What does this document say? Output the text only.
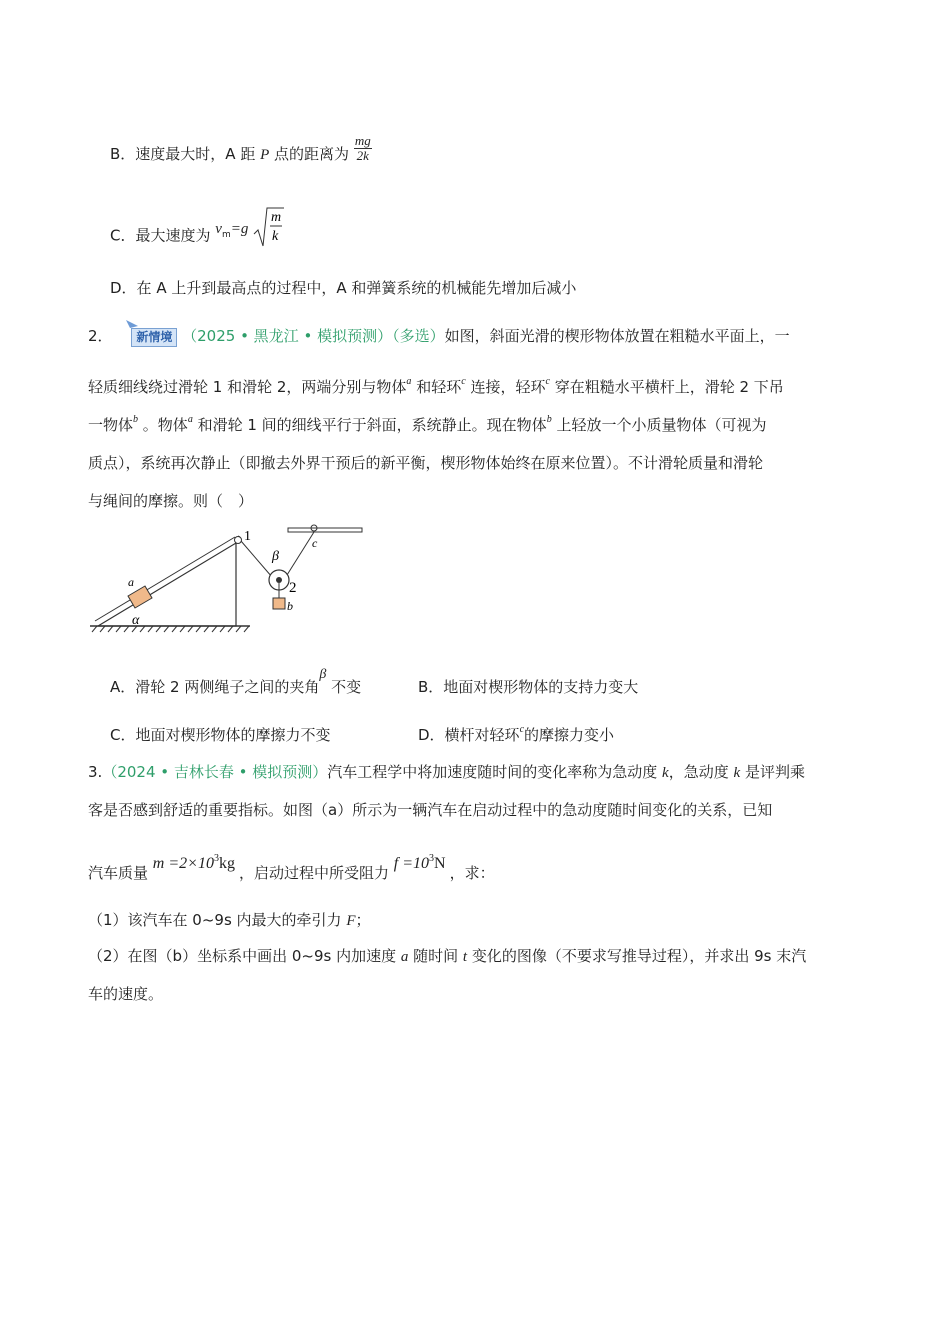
B．速度最大时，A 距 P 点的距离为 $\frac{mg}{2k}$
C．最大速度为 $v^m=g$
m
k
D．在 A 上升到最高点的过程中，A 和弹簧系统的机械能先增加后减小
2． 新情境 （2025 • 黑龙江 • 模拟预测）（多选）如图，斜面光滑的楔形物体放置在粗糙水平面上，一
轻质细线绕过滑轮 1 和滑轮 2，两端分别与物体$^a$ 和轻环$^c$ 连接，轻环$^c$ 穿在粗糙水平横杆上，滑轮 2 下吊
一物体$^b$ 。物体$^a$ 和滑轮 1 间的细线平行于斜面，系统静止。现在物体$^b$ 上轻放一个小质量物体（可视为
质点），系统再次静止（即撤去外界干预后的新平衡，楔形物体始终在原来位置）。不计滑轮质量和滑轮
与绳间的摩擦。则（　）
a
α
1
β
2
b
c
A．滑轮 2 两侧绳子之间的夹角β 不变	B．地面对楔形物体的支持力变大
C．地面对楔形物体的摩擦力不变	D．横杆对轻环$^c$的摩擦力变小
3.（2024 • 吉林长春 • 模拟预测）汽车工程学中将加速度随时间的变化率称为急动度 k，急动度 k 是评判乘
客是否感到舒适的重要指标。如图（a）所示为一辆汽车在启动过程中的急动度随时间变化的关系，已知
汽车质量 $m =2\times 10^3kg$ ，启动过程中所受阻力 $f =10^3N$ ，求：
（1）该汽车在 0~9s 内最大的牵引力 F；
（2）在图（b）坐标系中画出 0~9s 内加速度 a 随时间 t 变化的图像（不要求写推导过程），并求出 9s 末汽
车的速度。
